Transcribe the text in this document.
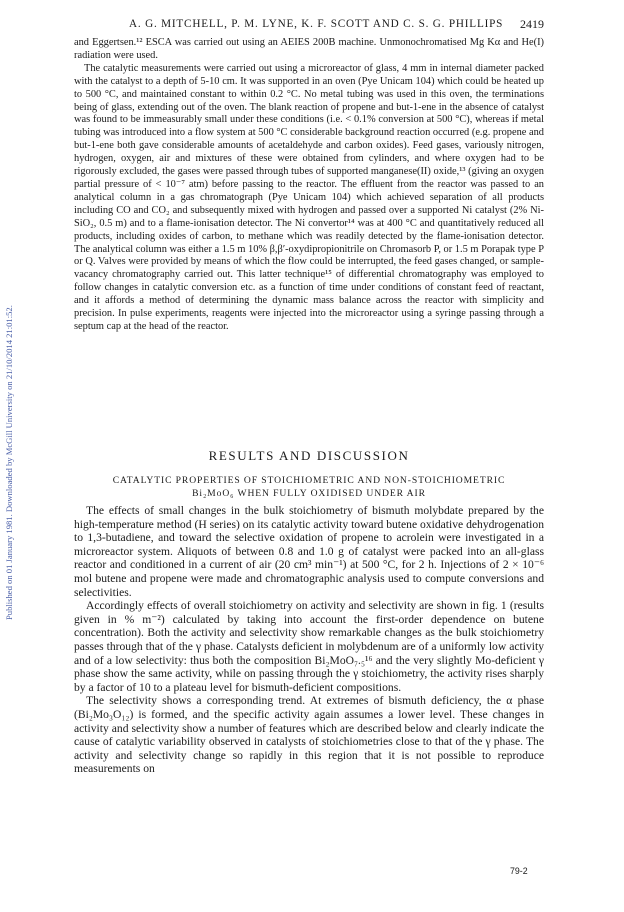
Published on 01 January 1981. Downloaded by McGill University on 21/10/2014 21:01:52.
A. G. MITCHELL, P. M. LYNE, K. F. SCOTT AND C. S. G. PHILLIPS 2419

and Eggertsen.¹² ESCA was carried out using an AEIES 200B machine. Unmonochromatised Mg Kα and He(I) radiation were used.

The catalytic measurements were carried out using a microreactor of glass, 4 mm in internal diameter packed with the catalyst to a depth of 5-10 cm. It was supported in an oven (Pye Unicam 104) which could be heated up to 500 °C, and maintained constant to within 0.2 °C. No metal tubing was used in this oven, the terminations being of glass, extending out of the oven. The blank reaction of propene and but-1-ene in the absence of catalyst was found to be immeasurably small under these conditions (i.e. < 0.1% conversion at 500 °C), whereas if metal tubing was introduced into a flow system at 500 °C considerable background reaction occurred (e.g. propene and but-1-ene both gave considerable amounts of acetaldehyde and carbon oxides). Feed gases, variously nitrogen, hydrogen, oxygen, air and mixtures of these were obtained from cylinders, and where oxygen had to be rigorously excluded, the gases were passed through tubes of supported manganese(II) oxide,¹³ (giving an oxygen partial pressure of < 10⁻⁷ atm) before passing to the reactor. The effluent from the reactor was passed to an analytical column in a gas chromatograph (Pye Unicam 104) which achieved separation of all products including CO and CO₂ and subsequently mixed with hydrogen and passed over a supported Ni catalyst (2% Ni-SiO₂, 0.5 m) and to a flame-ionisation detector. The Ni convertor¹⁴ was at 400 °C and quantitatively reduced all products, including oxides of carbon, to methane which was readily detected by the flame-ionisation detector. The analytical column was either a 1.5 m 10% β,β′-oxydipropionitrile on Chromasorb P, or 1.5 m Porapak type P or Q. Valves were provided by means of which the flow could be interrupted, the feed gases changed, or sample-vacancy chromatography carried out. This latter technique¹⁵ of differential chromatography was employed to follow changes in catalytic conversion etc. as a function of time under conditions of constant feed of reactant, and it affords a method of determining the dynamic mass balance across the reactor with simplicity and precision. In pulse experiments, reagents were injected into the microreactor using a syringe passing through a septum cap at the head of the reactor.

RESULTS AND DISCUSSION
CATALYTIC PROPERTIES OF STOICHIOMETRIC AND NON-STOICHIOMETRIC
Bi₂MoO₆ WHEN FULLY OXIDISED UNDER AIR

The effects of small changes in the bulk stoichiometry of bismuth molybdate prepared by the high-temperature method (H series) on its catalytic activity toward butene oxidative dehydrogenation to 1,3-butadiene, and toward the selective oxidation of propene to acrolein were investigated in a microreactor system. Aliquots of between 0.8 and 1.0 g of catalyst were packed into an all-glass reactor and conditioned in a current of air (20 cm³ min⁻¹) at 500 °C, for 2 h. Injections of 2 × 10⁻⁶ mol butene and propene were made and chromatographic analysis used to compute conversions and selectivities.

Accordingly effects of overall stoichiometry on activity and selectivity are shown in fig. 1 (results given in % m⁻²) calculated by taking into account the first-order dependence on butene concentration). Both the activity and selectivity show remarkable changes as the bulk stoichiometry passes through that of the γ phase. Catalysts deficient in molybdenum are of a uniformly low activity and of a low selectivity: thus both the composition Bi₂MoO₇.₅¹⁶ and the very slightly Mo-deficient γ phase show the same activity, while on passing through the γ stoichiometry, the activity rises sharply by a factor of 10 to a plateau level for bismuth-deficient compositions.

The selectivity shows a corresponding trend. At extremes of bismuth deficiency, the α phase (Bi₂Mo₃O₁₂) is formed, and the specific activity again assumes a lower level. These changes in activity and selectivity show a number of features which are described below and clearly indicate the cause of catalytic variability observed in catalysts of stoichiometries close to that of the γ phase. The activity and selectivity change so rapidly in this region that it is not possible to reproduce measurements on

79-2
